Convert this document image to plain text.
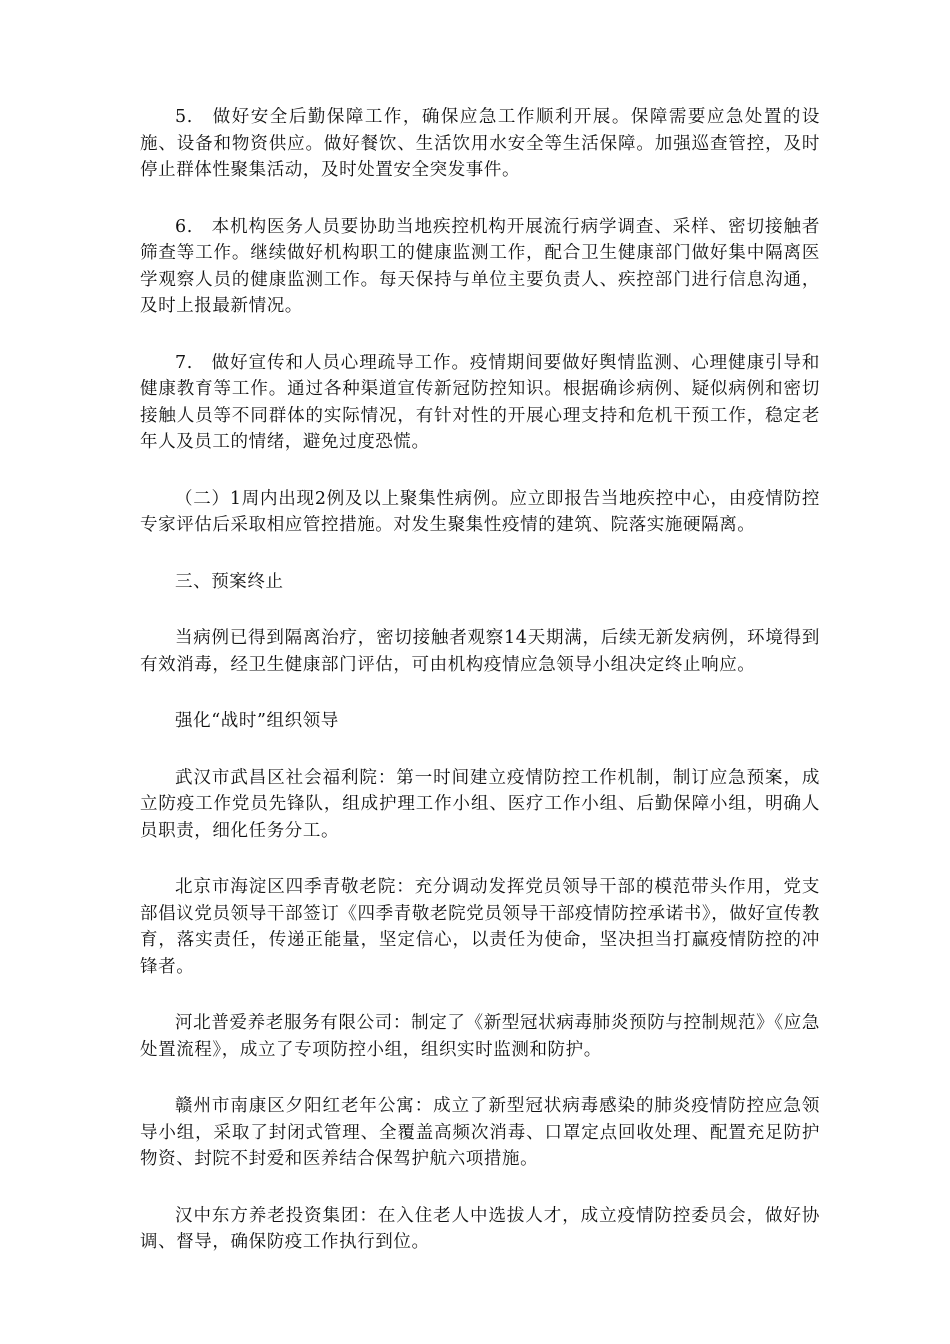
5.　做好安全后勤保障工作，确保应急工作顺利开展。保障需要应急处置的设施、设备和物资供应。做好餐饮、生活饮用水安全等生活保障。加强巡查管控，及时停止群体性聚集活动，及时处置安全突发事件。

6.　本机构医务人员要协助当地疾控机构开展流行病学调查、采样、密切接触者筛查等工作。继续做好机构职工的健康监测工作，配合卫生健康部门做好集中隔离医学观察人员的健康监测工作。每天保持与单位主要负责人、疾控部门进行信息沟通，及时上报最新情况。

7.　做好宣传和人员心理疏导工作。疫情期间要做好舆情监测、心理健康引导和健康教育等工作。通过各种渠道宣传新冠防控知识。根据确诊病例、疑似病例和密切接触人员等不同群体的实际情况，有针对性的开展心理支持和危机干预工作，稳定老年人及员工的情绪，避免过度恐慌。

（二）1周内出现2例及以上聚集性病例。应立即报告当地疾控中心，由疫情防控专家评估后采取相应管控措施。对发生聚集性疫情的建筑、院落实施硬隔离。

三、预案终止

当病例已得到隔离治疗，密切接触者观察14天期满，后续无新发病例，环境得到有效消毒，经卫生健康部门评估，可由机构疫情应急领导小组决定终止响应。

强化“战时”组织领导

武汉市武昌区社会福利院：第一时间建立疫情防控工作机制，制订应急预案，成立防疫工作党员先锋队，组成护理工作小组、医疗工作小组、后勤保障小组，明确人员职责，细化任务分工。

北京市海淀区四季青敬老院：充分调动发挥党员领导干部的模范带头作用，党支部倡议党员领导干部签订《四季青敬老院党员领导干部疫情防控承诺书》，做好宣传教育，落实责任，传递正能量，坚定信心，以责任为使命，坚决担当打赢疫情防控的冲锋者。

河北普爱养老服务有限公司：制定了《新型冠状病毒肺炎预防与控制规范》《应急处置流程》，成立了专项防控小组，组织实时监测和防护。

赣州市南康区夕阳红老年公寓：成立了新型冠状病毒感染的肺炎疫情防控应急领导小组，采取了封闭式管理、全覆盖高频次消毒、口罩定点回收处理、配置充足防护物资、封院不封爱和医养结合保驾护航六项措施。

汉中东方养老投资集团：在入住老人中选拔人才，成立疫情防控委员会，做好协调、督导，确保防疫工作执行到位。
